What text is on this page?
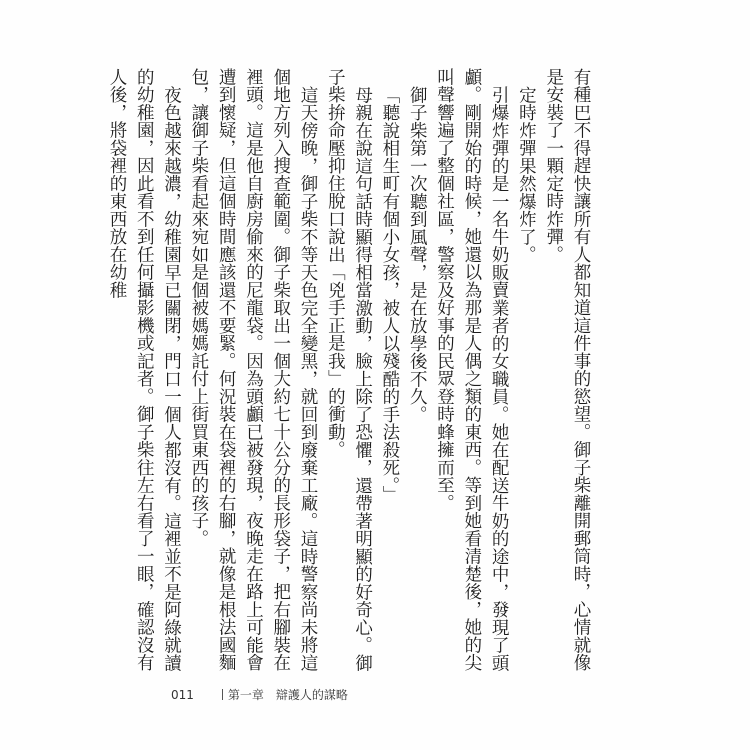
有種巴不得趕快讓所有人都知道這件事的慾望。御子柴離開郵筒時，心情就像是安裝了一顆定時炸彈。

定時炸彈果然爆炸了。

引爆炸彈的是一名牛奶販賣業者的女職員。她在配送牛奶的途中，發現了頭顱。剛開始的時候，她還以為那是人偶之類的東西。等到她看清楚後，她的尖叫聲響遍了整個社區，警察及好事的民眾登時蜂擁而至。

御子柴第一次聽到風聲，是在放學後不久。

「聽說相生町有個小女孩，被人以殘酷的手法殺死。」

母親在說這句話時顯得相當激動，臉上除了恐懼，還帶著明顯的好奇心。御子柴拚命壓抑住脫口說出「兇手正是我」的衝動。

這天傍晚，御子柴不等天色完全變黑，就回到廢棄工廠。這時警察尚未將這個地方列入搜查範圍。御子柴取出一個大約七十公分的長形袋子，把右腳裝在裡頭。這是他自廚房偷來的尼龍袋。因為頭顱已被發現，夜晚走在路上可能會遭到懷疑，但這個時間應該還不要緊。何況裝在袋裡的右腳，就像是根法國麵包，讓御子柴看起來宛如是個被媽媽託付上街買東西的孩子。

夜色越來越濃，幼稚園早已關閉，門口一個人都沒有。這裡並不是阿綠就讀的幼稚園，因此看不到任何攝影機或記者。御子柴往左右看了一眼，確認沒有人後，將袋裡的東西放在幼稚

011	第一章　辯護人的謀略
